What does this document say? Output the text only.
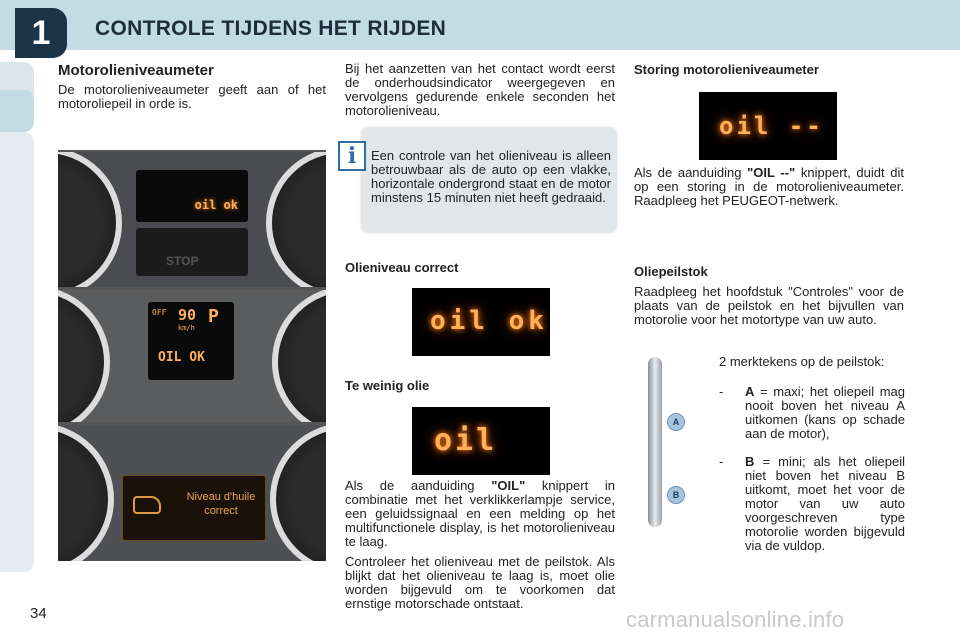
1	CONTROLE TIJDENS HET RIJDEN
Motorolieniveaumeter
De motorolieniveaumeter geeft aan of het motoroliepeil in orde is.
oil ok
STOP
OFF 90
km/h
P
OIL OK
Niveau d'huile
correct
Bij het aanzetten van het contact wordt eerst de onderhoudsindicator weergegeven en vervolgens gedurende enkele seconden het motorolieniveau.
i	Een controle van het olieniveau is alleen betrouwbaar als de auto op een vlakke, horizontale ondergrond staat en de motor minstens 15 minuten niet heeft gedraaid.
Olieniveau correct
oil ok
Te weinig olie
oil

Als de aanduiding "OIL" knippert in combinatie met het verklikkerlampje service, een geluidssignaal en een melding op het multifunctionele display, is het motorolieniveau te laag.

Controleer het olieniveau met de peilstok. Als blijkt dat het olieniveau te laag is, moet olie worden bijgevuld om te voorkomen dat ernstige motorschade ontstaat.

Storing motorolieniveaumeter
oil --
Als de aanduiding "OIL --" knippert, duidt dit op een storing in de motorolieniveaumeter. Raadpleeg het PEUGEOT-netwerk.
Oliepeilstok
Raadpleeg het hoofdstuk "Controles" voor de plaats van de peilstok en het bijvullen van motorolie voor het motortype van uw auto.
A
B
2 merktekens op de peilstok:
- A = maxi; het oliepeil mag nooit boven het niveau A uitkomen (kans op schade aan de motor),
- B = mini; als het oliepeil niet boven het niveau B uitkomt, moet het voor de motor van uw auto voorgeschreven type motorolie worden bijgevuld via de vuldop.
34	carmanualsonline.info
